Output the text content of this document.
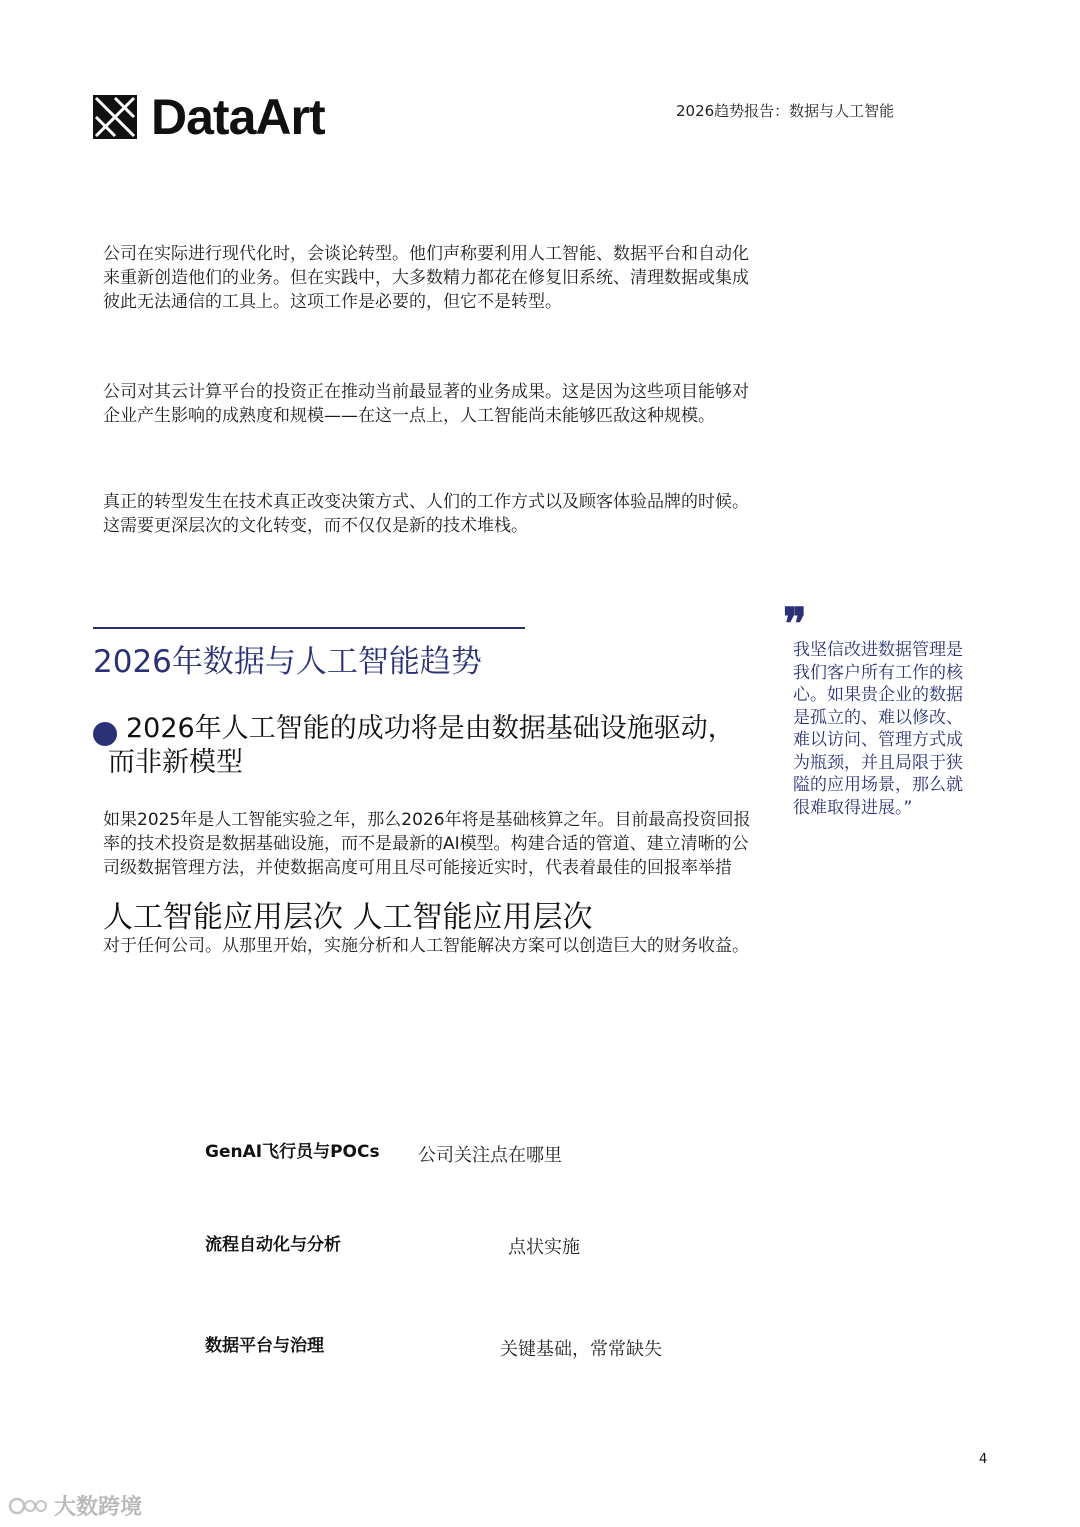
DataArt	2026趋势报告：数据与人工智能
公司在实际进行现代化时，会谈论转型。他们声称要利用人工智能、数据平台和自动化来重新创造他们的业务。但在实践中，大多数精力都花在修复旧系统、清理数据或集成彼此无法通信的工具上。这项工作是必要的，但它不是转型。
公司对其云计算平台的投资正在推动当前最显著的业务成果。这是因为这些项目能够对企业产生影响的成熟度和规模——在这一点上，人工智能尚未能够匹敌这种规模。
真正的转型发生在技术真正改变决策方式、人们的工作方式以及顾客体验品牌的时候。这需要更深层次的文化转变，而不仅仅是新的技术堆栈。
2026年数据与人工智能趋势
2026年人工智能的成功将是由数据基础设施驱动，而非新模型
如果2025年是人工智能实验之年，那么2026年将是基础核算之年。目前最高投资回报率的技术投资是数据基础设施，而不是最新的AI模型。构建合适的管道、建立清晰的公司级数据管理方法，并使数据高度可用且尽可能接近实时，代表着最佳的回报率举措
人工智能应用层次 人工智能应用层次
对于任何公司。从那里开始，实施分析和人工智能解决方案可以创造巨大的财务收益。
❞
我坚信改进数据管理是我们客户所有工作的核心。如果贵企业的数据是孤立的、难以修改、难以访问、管理方式成为瓶颈，并且局限于狭隘的应用场景，那么就很难取得进展。”
GenAI飞行员与POCs 公司关注点在哪里
流程自动化与分析	点状实施
数据平台与治理	关键基础，常常缺失
4
大数跨境
